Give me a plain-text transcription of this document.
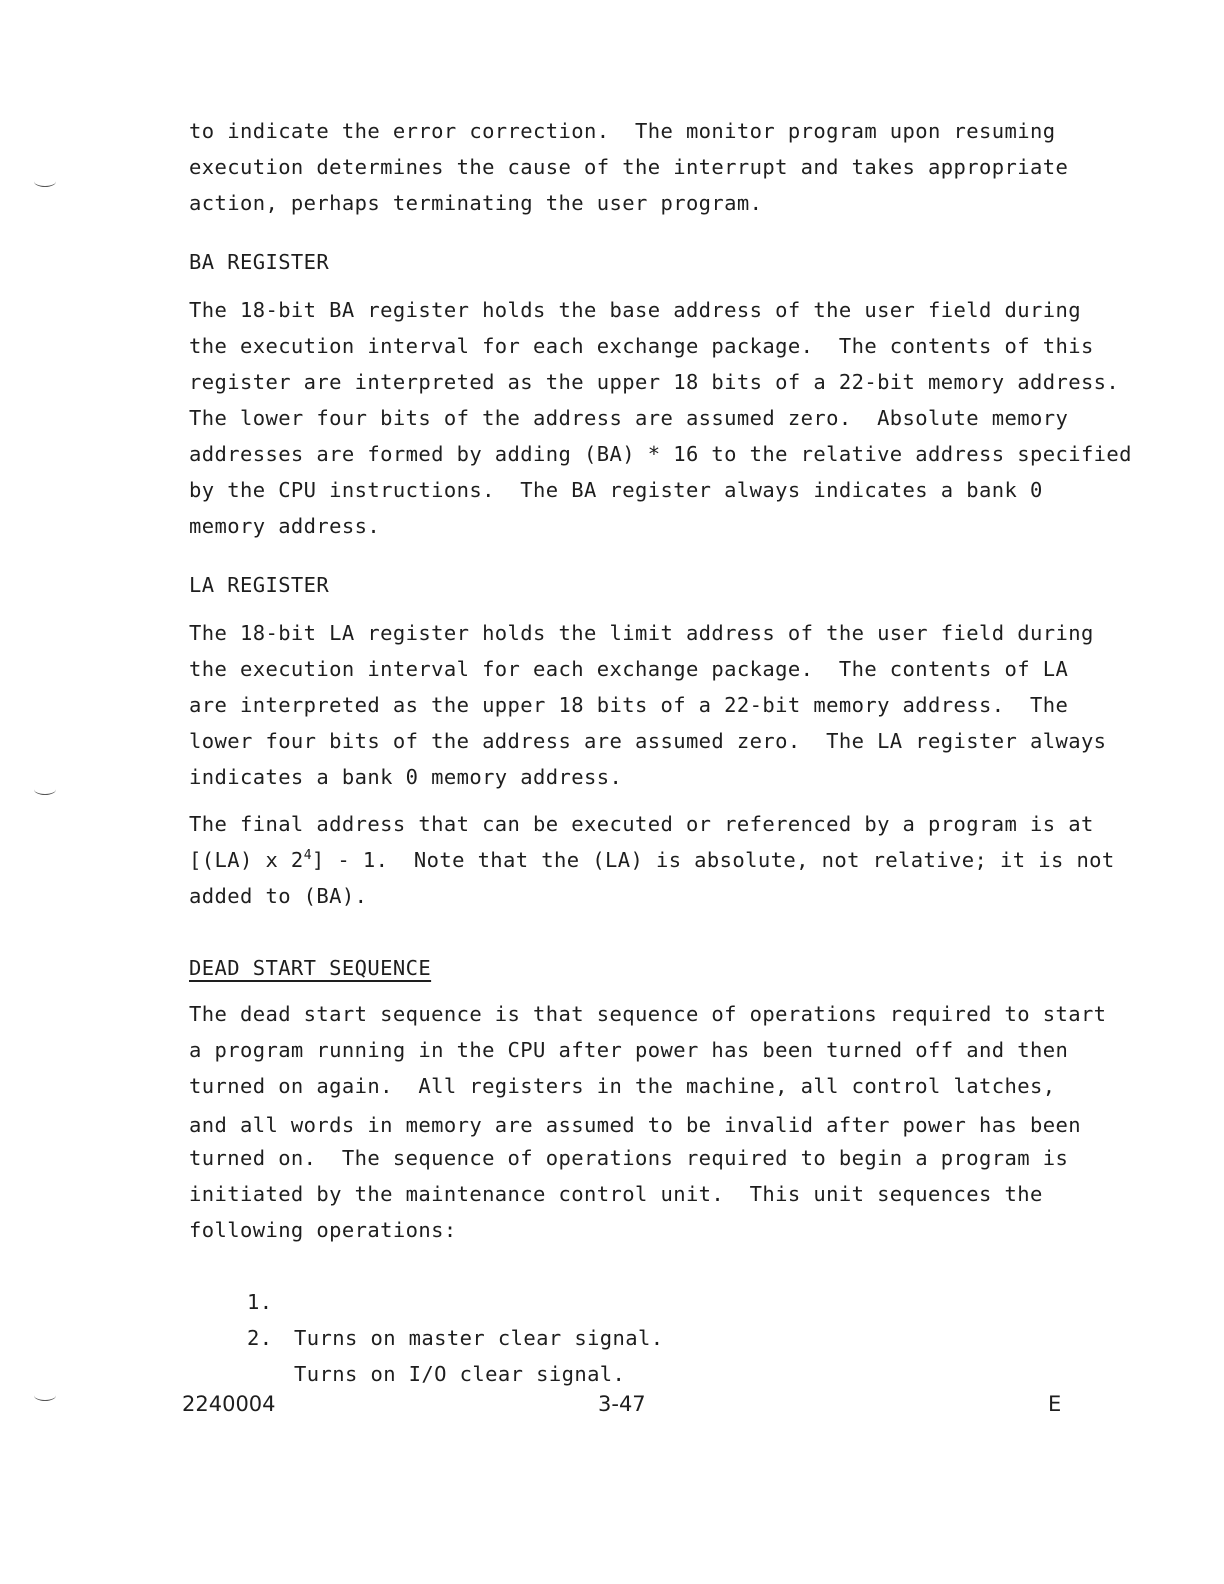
to indicate the error correction.  The monitor program upon resuming
execution determines the cause of the interrupt and takes appropriate
action, perhaps terminating the user program.
BA REGISTER
The 18-bit BA register holds the base address of the user field during
the execution interval for each exchange package.  The contents of this
register are interpreted as the upper 18 bits of a 22-bit memory address.
The lower four bits of the address are assumed zero.  Absolute memory
addresses are formed by adding (BA) * 16 to the relative address specified
by the CPU instructions.  The BA register always indicates a bank 0
memory address.
LA REGISTER
The 18-bit LA register holds the limit address of the user field during
the execution interval for each exchange package.  The contents of LA
are interpreted as the upper 18 bits of a 22-bit memory address.  The
lower four bits of the address are assumed zero.  The LA register always
indicates a bank 0 memory address.
The final address that can be executed or referenced by a program is at
[(LA) x $2^4] - 1$.  Note that the (LA) is absolute, not relative; it is not
added to (BA).
DEAD START SEQUENCE
The dead start sequence is that sequence of operations required to start
a program running in the CPU after power has been turned off and then
turned on again.  All registers in the machine, all control latches,
and all words in memory are assumed to be invalid after power has been
turned on.  The sequence of operations required to begin a program is
initiated by the maintenance control unit.  This unit sequences the
following operations:

1.

Turns on master clear signal.

2.

Turns on I/O clear signal.

2240004	3-47	E
